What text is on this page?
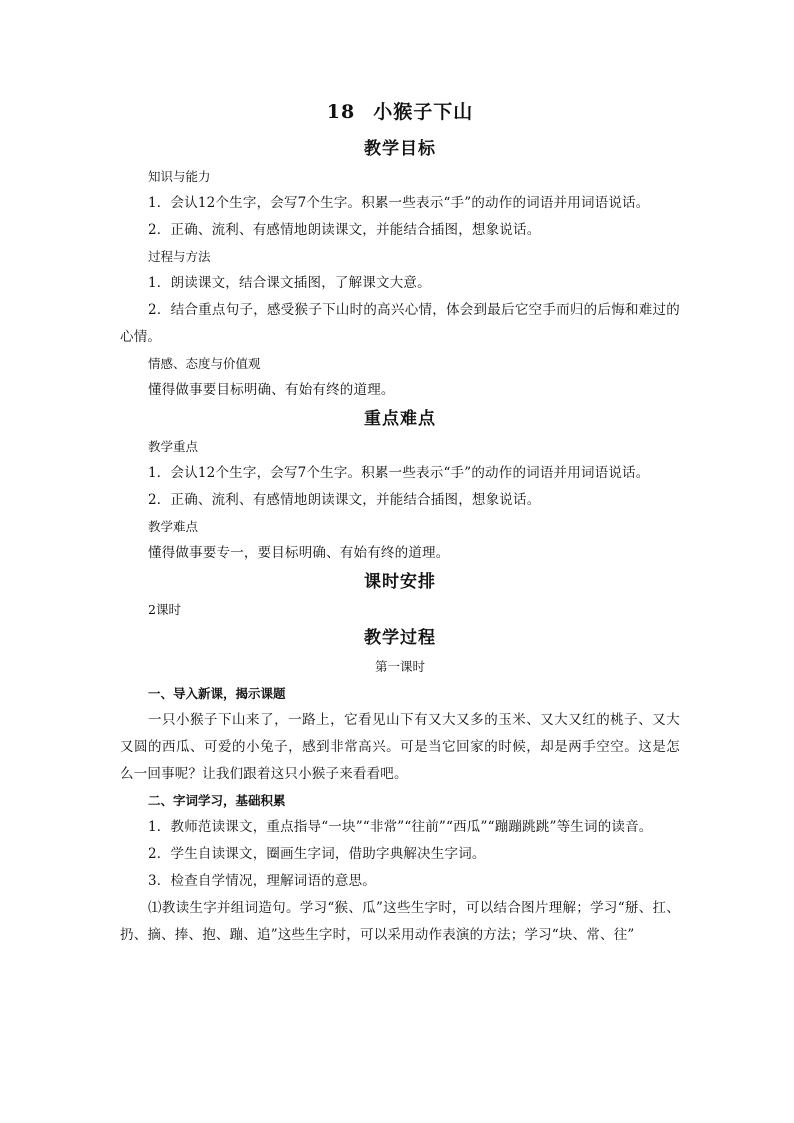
18 小猴子下山
教学目标
知识与能力

1．会认12个生字，会写7个生字。积累一些表示“手”的动作的词语并用词语说话。

2．正确、流利、有感情地朗读课文，并能结合插图，想象说话。

过程与方法

1．朗读课文，结合课文插图，了解课文大意。

2．结合重点句子，感受猴子下山时的高兴心情，体会到最后它空手而归的后悔和难过的心情。

情感、态度与价值观

懂得做事要目标明确、有始有终的道理。

重点难点
教学重点

1．会认12个生字，会写7个生字。积累一些表示“手”的动作的词语并用词语说话。

2．正确、流利、有感情地朗读课文，并能结合插图，想象说话。

教学难点

懂得做事要专一，要目标明确、有始有终的道理。

课时安排
2课时
教学过程
第一课时
一、导入新课，揭示课题

一只小猴子下山来了，一路上，它看见山下有又大又多的玉米、又大又红的桃子、又大又圆的西瓜、可爱的小兔子，感到非常高兴。可是当它回家的时候，却是两手空空。这是怎么一回事呢？让我们跟着这只小猴子来看看吧。

二、字词学习，基础积累

1．教师范读课文，重点指导“一块”“非常”“往前”“西瓜”“蹦蹦跳跳”等生词的读音。

2．学生自读课文，圈画生字词，借助字典解决生字词。

3．检查自学情况，理解词语的意思。

⑴教读生字并组词造句。学习“猴、瓜”这些生字时，可以结合图片理解；学习“掰、扛、扔、摘、捧、抱、蹦、追”这些生字时，可以采用动作表演的方法；学习“块、常、往”
